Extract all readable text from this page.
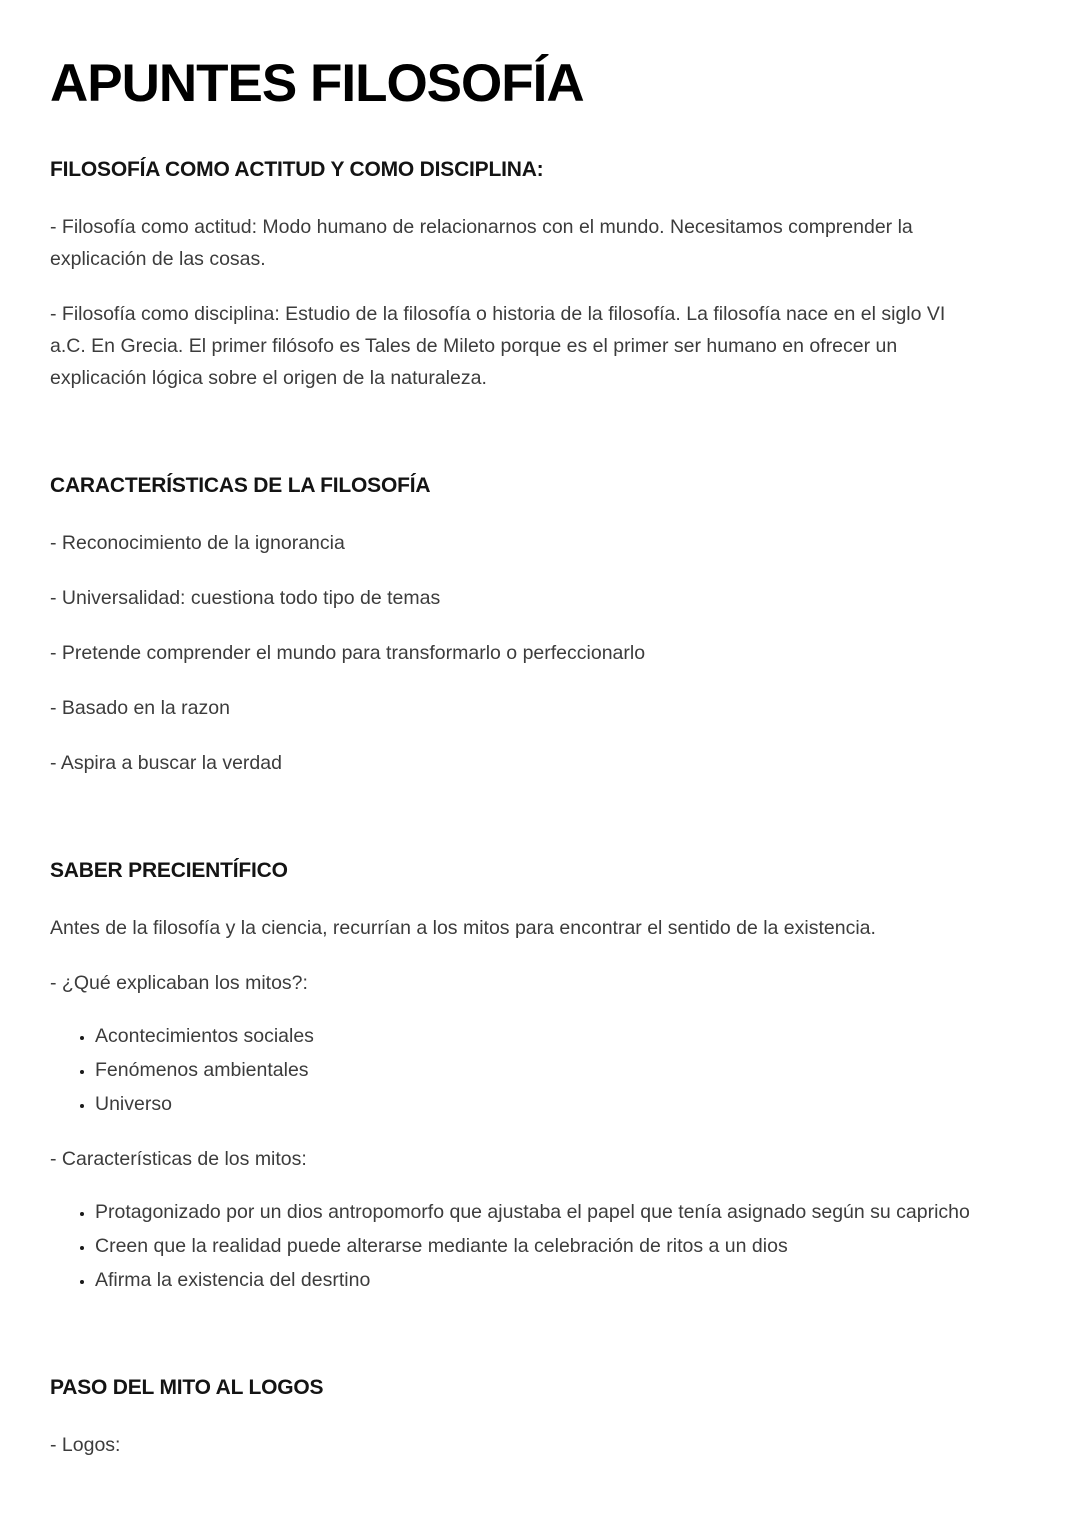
APUNTES FILOSOFÍA
FILOSOFÍA COMO ACTITUD Y COMO DISCIPLINA:

- Filosofía como actitud: Modo humano de relacionarnos con el mundo. Necesitamos comprender la explicación de las cosas.

- Filosofía como disciplina: Estudio de la filosofía o historia de la filosofía. La filosofía nace en el siglo VI a.C. En Grecia. El primer filósofo es Tales de Mileto porque es el primer ser humano en ofrecer un explicación lógica sobre el origen de la naturaleza.

CARACTERÍSTICAS DE LA FILOSOFÍA

- Reconocimiento de la ignorancia

- Universalidad: cuestiona todo tipo de temas

- Pretende comprender el mundo para transformarlo o perfeccionarlo

- Basado en la razon

- Aspira a buscar la verdad

SABER PRECIENTÍFICO

Antes de la filosofía y la ciencia, recurrían a los mitos para encontrar el sentido de la existencia.

- ¿Qué explicaban los mitos?:

• Acontecimientos sociales
• Fenómenos ambientales
• Universo

- Características de los mitos:

• Protagonizado por un dios antropomorfo que ajustaba el papel que tenía asignado según su capricho
• Creen que la realidad puede alterarse mediante la celebración de ritos a un dios
• Afirma la existencia del desrtino
PASO DEL MITO AL LOGOS

- Logos:
